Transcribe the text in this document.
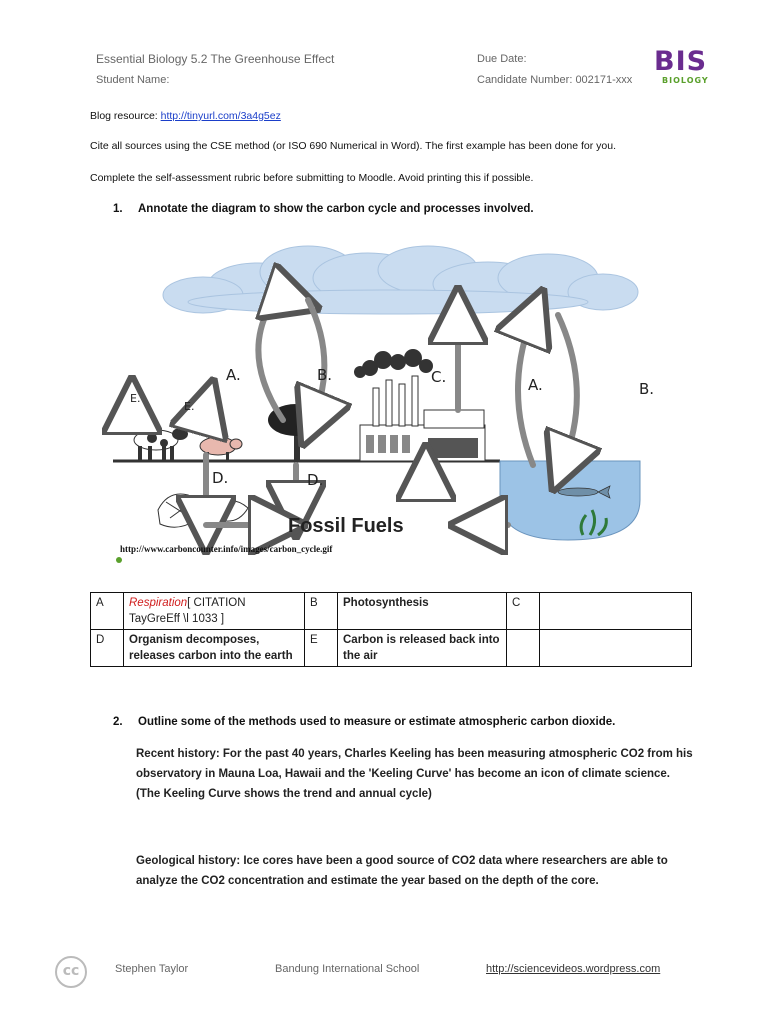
Essential Biology 5.2 The Greenhouse Effect
Student Name:
Due Date:
Candidate Number: 002171-xxx
BIS
BIOLOGY
Blog resource: http://tinyurl.com/3a4g5ez
Cite all sources using the CSE method (or ISO 690 Numerical in Word). The first example has been done for you.
Complete the self-assessment rubric before submitting to Moodle. Avoid printing this if possible.
1. Annotate the diagram to show the carbon cycle and processes involved.
A.	B.	C.	A.	B.
E.
E.
D.	D.
Fossil Fuels
http://www.carboncounter.info/images/carbon_cycle.gif
A	Respiration[ CITATION TayGreEff \l 1033 ]	B	Photosynthesis	C	
D	Organism decomposes, releases carbon into the earth	E	Carbon is released back into the air		
2. Outline some of the methods used to measure or estimate atmospheric carbon dioxide.
Recent history: For the past 40 years, Charles Keeling has been measuring atmospheric CO2 from his observatory in Mauna Loa, Hawaii and the 'Keeling Curve' has become an icon of climate science. (The Keeling Curve shows the trend and annual cycle)
Geological history: Ice cores have been a good source of CO2 data where researchers are able to analyze the CO2 concentration and estimate the year based on the depth of the core.
cc	Stephen Taylor	Bandung International School	http://sciencevideos.wordpress.com
